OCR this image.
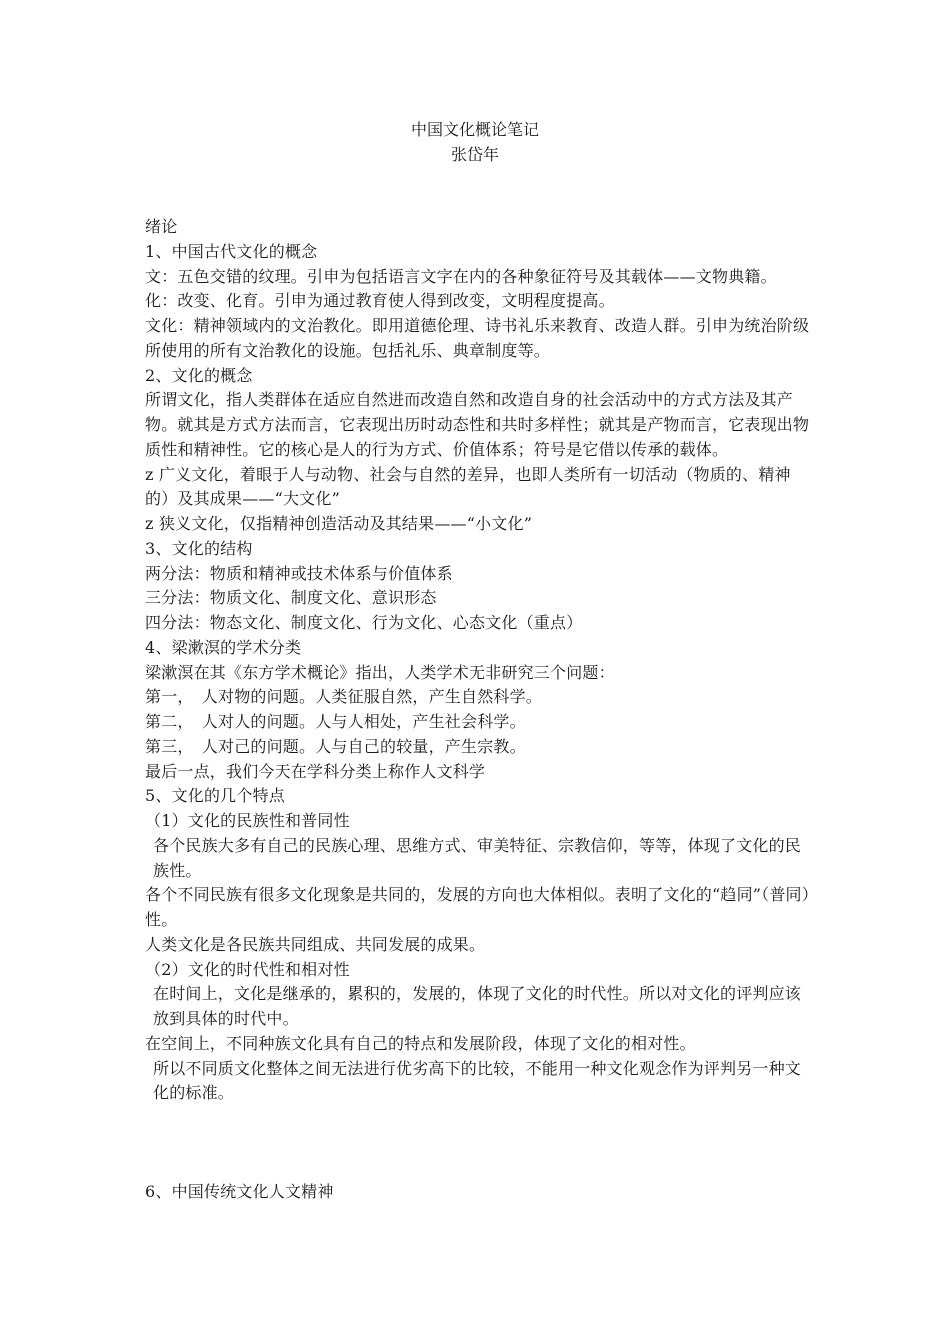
中国文化概论笔记
张岱年

绪论

1、中国古代文化的概念

文：五色交错的纹理。引申为包括语言文字在内的各种象征符号及其载体——文物典籍。

化：改变、化育。引申为通过教育使人得到改变，文明程度提高。

文化：精神领域内的文治教化。即用道德伦理、诗书礼乐来教育、改造人群。引申为统治阶级所使用的所有文治教化的设施。包括礼乐、典章制度等。

2、文化的概念

所谓文化，指人类群体在适应自然进而改造自然和改造自身的社会活动中的方式方法及其产物。就其是方式方法而言，它表现出历时动态性和共时多样性；就其是产物而言，它表现出物质性和精神性。它的核心是人的行为方式、价值体系；符号是它借以传承的载体。

z 广义文化，着眼于人与动物、社会与自然的差异，也即人类所有一切活动（物质的、精神的）及其成果——“大文化”

z 狭义文化，仅指精神创造活动及其结果——“小文化”

3、文化的结构

两分法：物质和精神或技术体系与价值体系

三分法：物质文化、制度文化、意识形态

四分法：物态文化、制度文化、行为文化、心态文化（重点）

4、梁漱溟的学术分类

梁漱溟在其《东方学术概论》指出，人类学术无非研究三个问题：

第一，　人对物的问题。人类征服自然，产生自然科学。

第二，　人对人的问题。人与人相处，产生社会科学。

第三，　人对己的问题。人与自己的较量，产生宗教。

最后一点，我们今天在学科分类上称作人文科学

5、文化的几个特点

（1）文化的民族性和普同性

各个民族大多有自己的民族心理、思维方式、审美特征、宗教信仰，等等，体现了文化的民族性。

各个不同民族有很多文化现象是共同的，发展的方向也大体相似。表明了文化的“趋同”（普同）性。

人类文化是各民族共同组成、共同发展的成果。

（2）文化的时代性和相对性

在时间上，文化是继承的，累积的，发展的，体现了文化的时代性。所以对文化的评判应该放到具体的时代中。

在空间上，不同种族文化具有自己的特点和发展阶段，体现了文化的相对性。

所以不同质文化整体之间无法进行优劣高下的比较，不能用一种文化观念作为评判另一种文化的标准。

6、中国传统文化人文精神
